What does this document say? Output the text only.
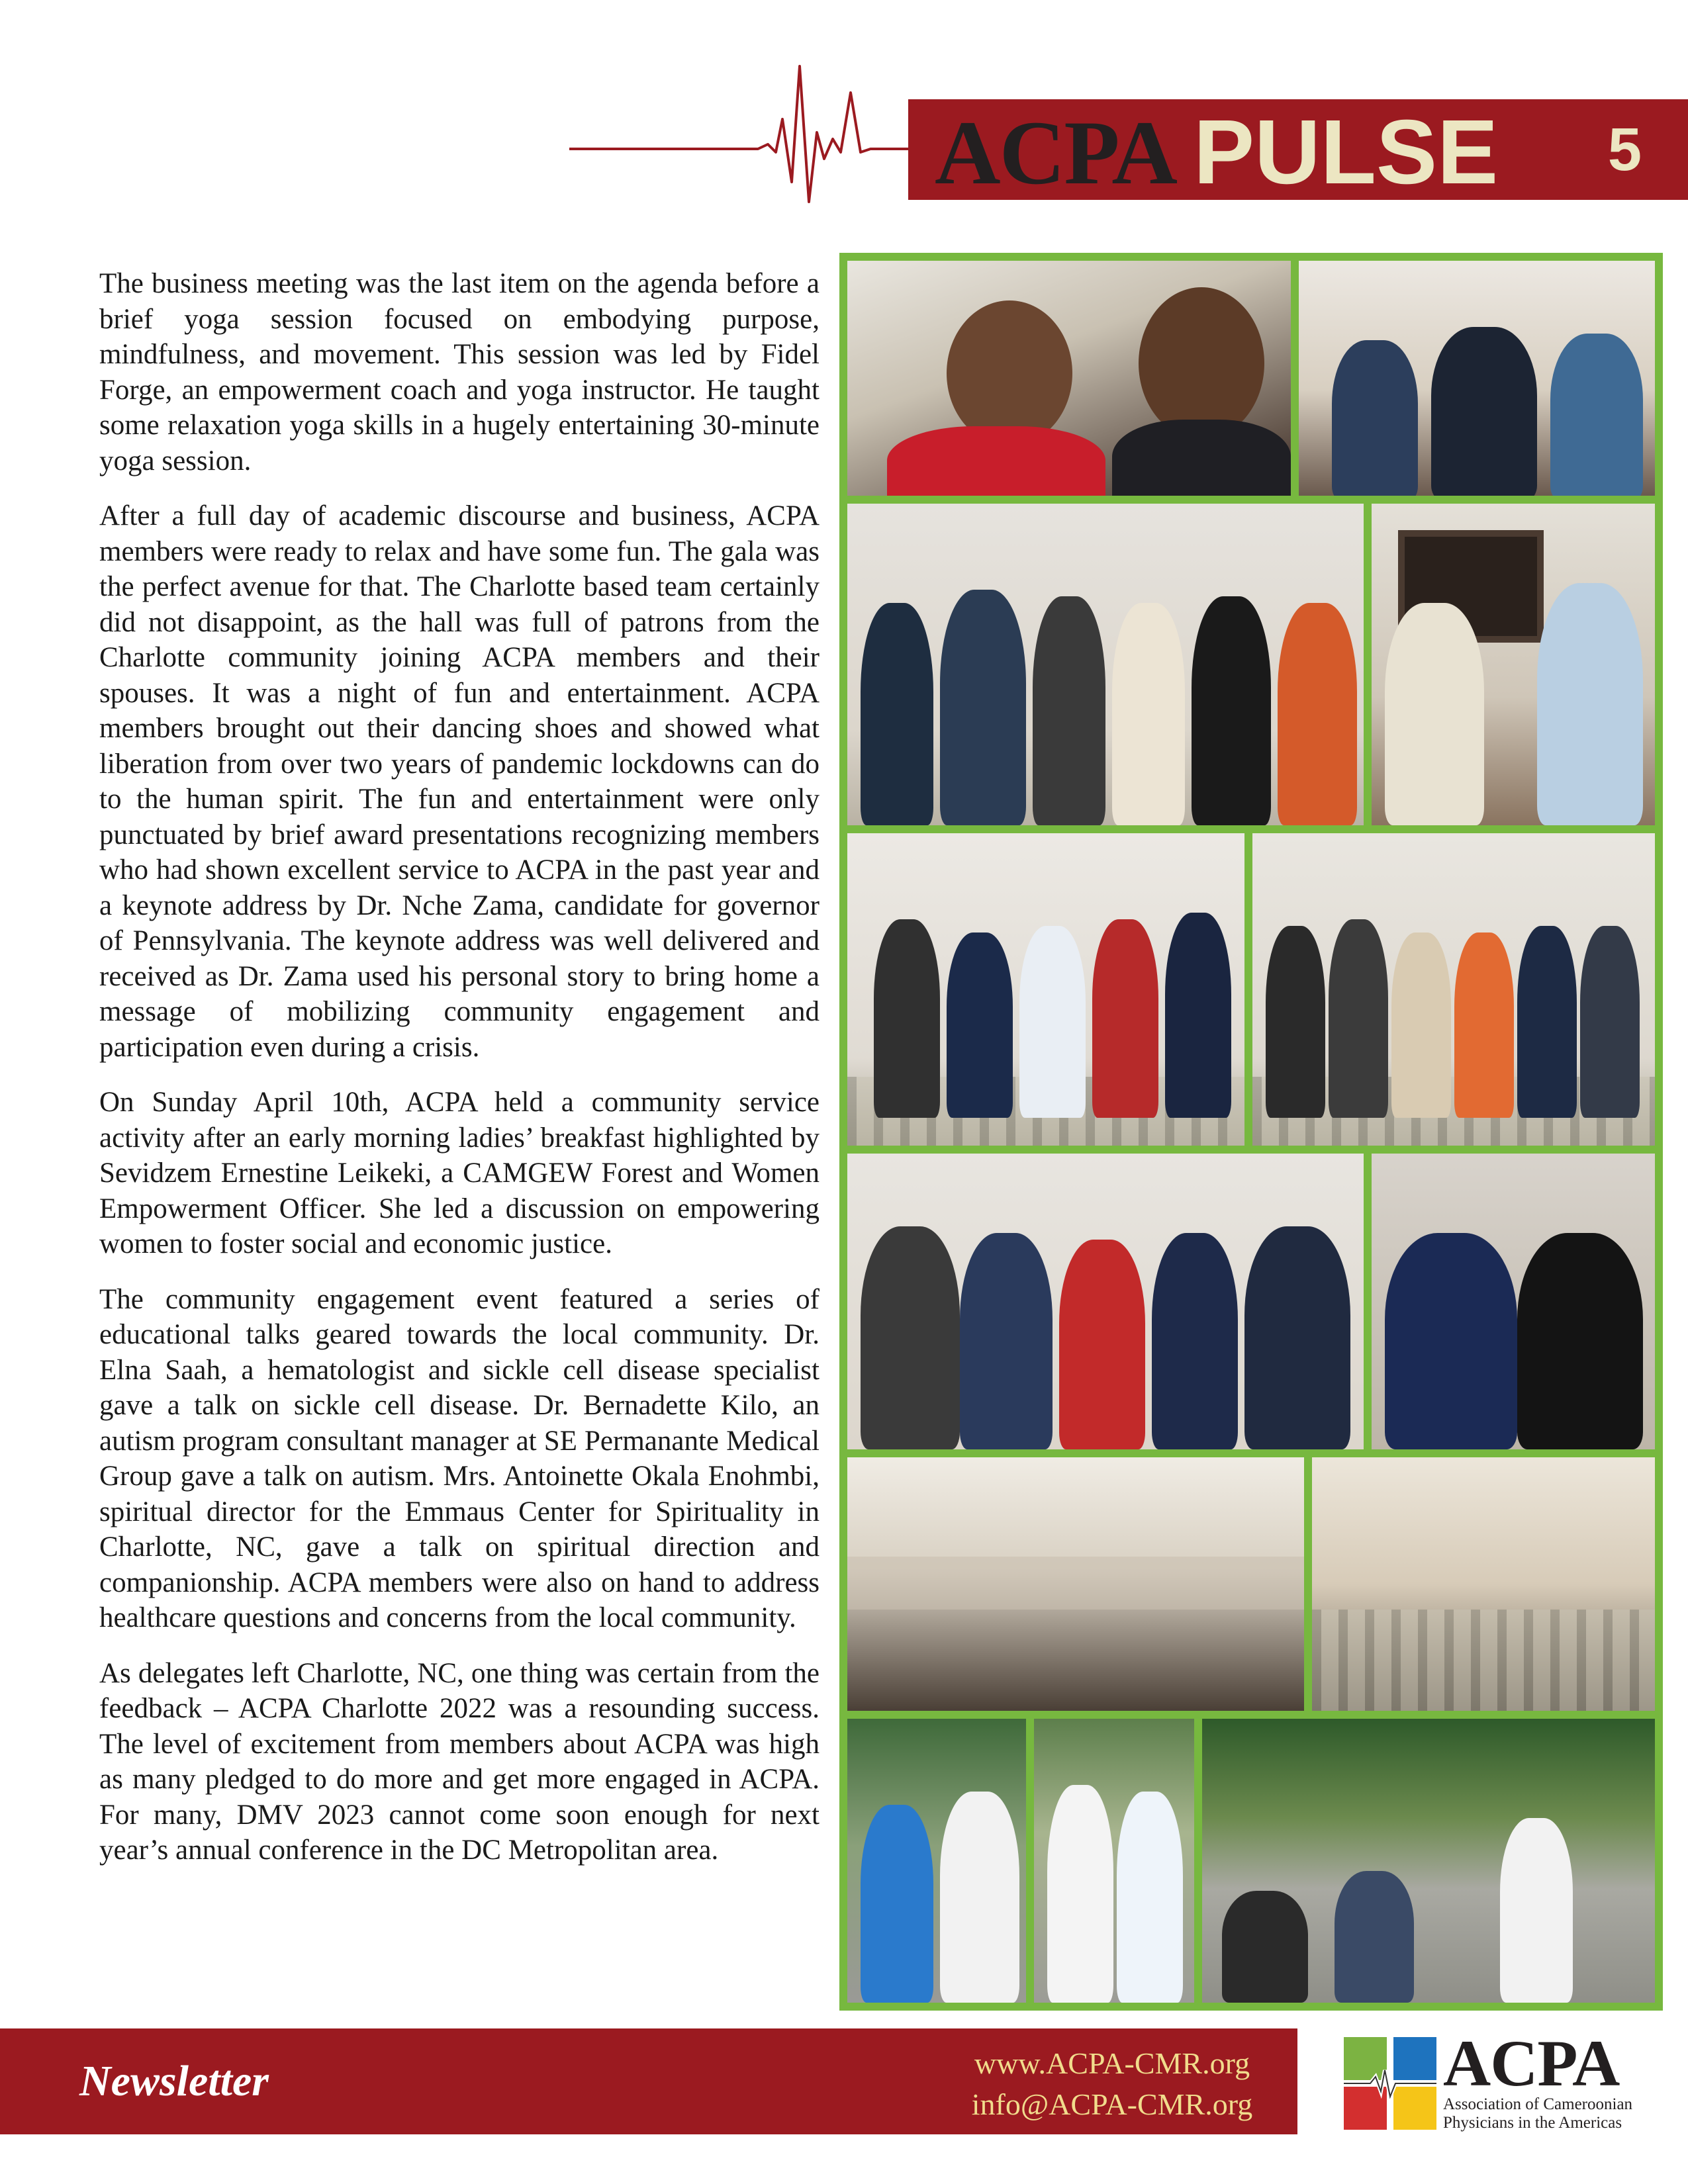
ACPA PULSE 5

The business meeting was the last item on the agenda before a brief yoga session focused on embodying purpose, mindfulness, and movement. This session was led by Fidel Forge, an empowerment coach and yoga instructor. He taught some relaxation yoga skills in a hugely entertaining 30-minute yoga session.

After a full day of academic discourse and business, ACPA members were ready to relax and have some fun. The gala was the perfect avenue for that. The Charlotte based team certainly did not disappoint, as the hall was full of patrons from the Charlotte community joining ACPA members and their spouses. It was a night of fun and entertainment. ACPA members brought out their dancing shoes and showed what liberation from over two years of pandemic lockdowns can do to the human spirit. The fun and entertainment were only punctuated by brief award presentations recognizing members who had shown excellent service to ACPA in the past year and a keynote address by Dr. Nche Zama, candidate for governor of Pennsylvania. The keynote address was well delivered and received as Dr. Zama used his personal story to bring home a message of mobilizing community engagement and participation even during a crisis.

On Sunday April 10th, ACPA held a community service activity after an early morning ladies’ breakfast highlighted by Sevidzem Ernestine Leikeki, a CAMGEW Forest and Women Empowerment Officer. She led a discussion on empowering women to foster social and economic justice.

The community engagement event featured a series of educational talks geared towards the local community. Dr. Elna Saah, a hematologist and sickle cell disease specialist gave a talk on sickle cell disease. Dr. Bernadette Kilo, an autism program consultant manager at SE Permanante Medical Group gave a talk on autism. Mrs. Antoinette Okala Enohmbi, spiritual director for the Emmaus Center for Spirituality in Charlotte, NC, gave a talk on spiritual direction and companionship. ACPA members were also on hand to address healthcare questions and concerns from the local community.

As delegates left Charlotte, NC, one thing was certain from the feedback – ACPA Charlotte 2022 was a resounding success. The level of excitement from members about ACPA was high as many pledged to do more and get more engaged in ACPA. For many, DMV 2023 cannot come soon enough for next year’s annual conference in the DC Metropolitan area.

Newsletter	www.ACPA-CMR.org
info@ACPA-CMR.org
ACPA
Association of Cameroonian
Physicians in the Americas
